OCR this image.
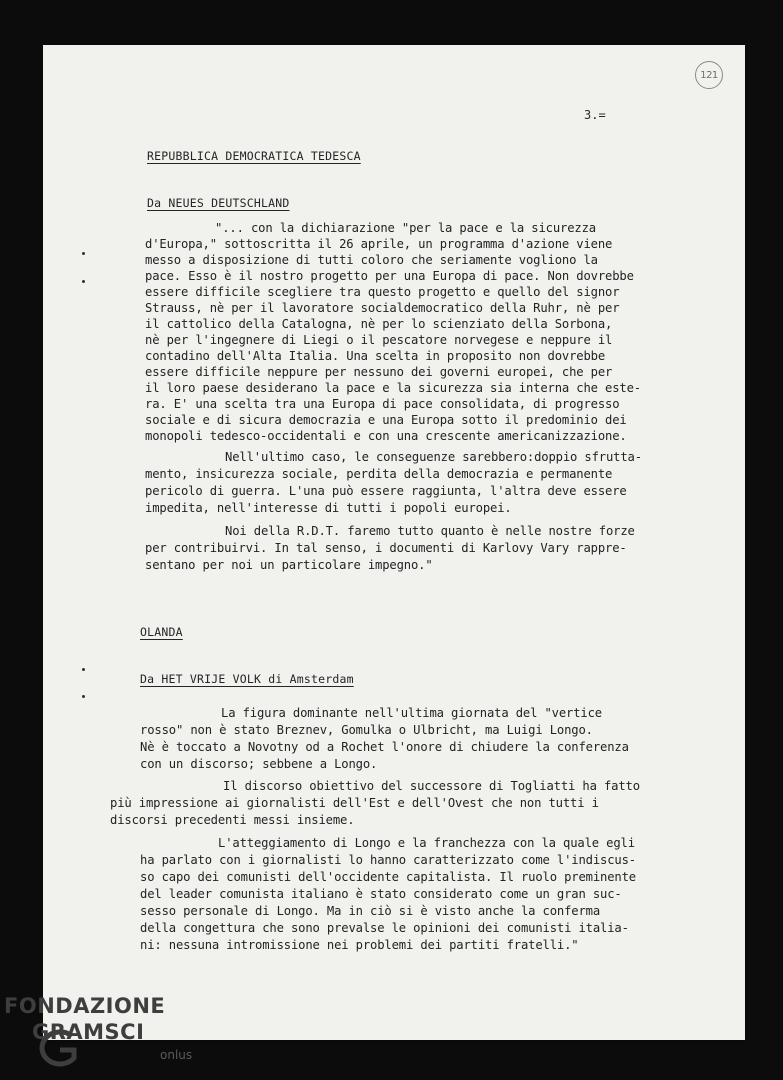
121
3.=
REPUBBLICA DEMOCRATICA TEDESCA
Da NEUES DEUTSCHLAND
"... con la dichiarazione "per la pace e la sicurezza
d'Europa," sottoscritta il 26 aprile, un programma d'azione viene
messo a disposizione di tutti coloro che seriamente vogliono la
pace. Esso è il nostro progetto per una Europa di pace. Non dovrebbe
essere difficile scegliere tra questo progetto e quello del signor
Strauss, nè per il lavoratore socialdemocratico della Ruhr, nè per
il cattolico della Catalogna, nè per lo scienziato della Sorbona,
nè per l'ingegnere di Liegi o il pescatore norvegese e neppure il
contadino dell'Alta Italia. Una scelta in proposito non dovrebbe
essere difficile neppure per nessuno dei governi europei, che per
il loro paese desiderano la pace e la sicurezza sia interna che este-
ra. E' una scelta tra una Europa di pace consolidata, di progresso
sociale e di sicura democrazia e una Europa sotto il predominio dei
monopoli tedesco-occidentali e con una crescente americanizzazione.
Nell'ultimo caso, le conseguenze sarebbero:doppio sfrutta-
mento, insicurezza sociale, perdita della democrazia e permanente
pericolo di guerra. L'una può essere raggiunta, l'altra deve essere
impedita, nell'interesse di tutti i popoli europei.
Noi della R.D.T. faremo tutto quanto è nelle nostre forze
per contribuirvi. In tal senso, i documenti di Karlovy Vary rappre-
sentano per noi un particolare impegno."
OLANDA
Da HET VRIJE VOLK di Amsterdam
La figura dominante nell'ultima giornata del "vertice
rosso" non è stato Breznev, Gomulka o Ulbricht, ma Luigi Longo.
Nè è toccato a Novotny od a Rochet l'onore di chiudere la conferenza
con un discorso; sebbene a Longo.
Il discorso obiettivo del successore di Togliatti ha fatto
più impressione ai giornalisti dell'Est e dell'Ovest che non tutti i
discorsi precedenti messi insieme.
L'atteggiamento di Longo e la franchezza con la quale egli
ha parlato con i giornalisti lo hanno caratterizzato come l'indiscus-
so capo dei comunisti dell'occidente capitalista. Il ruolo preminente
del leader comunista italiano è stato considerato come un gran suc-
sesso personale di Longo. Ma in ciò si è visto anche la conferma
della congettura che sono prevalse le opinioni dei comunisti italia-
ni: nessuna intromissione nei problemi dei partiti fratelli."
FONDAZIONE
GRAMSCI
onlus
